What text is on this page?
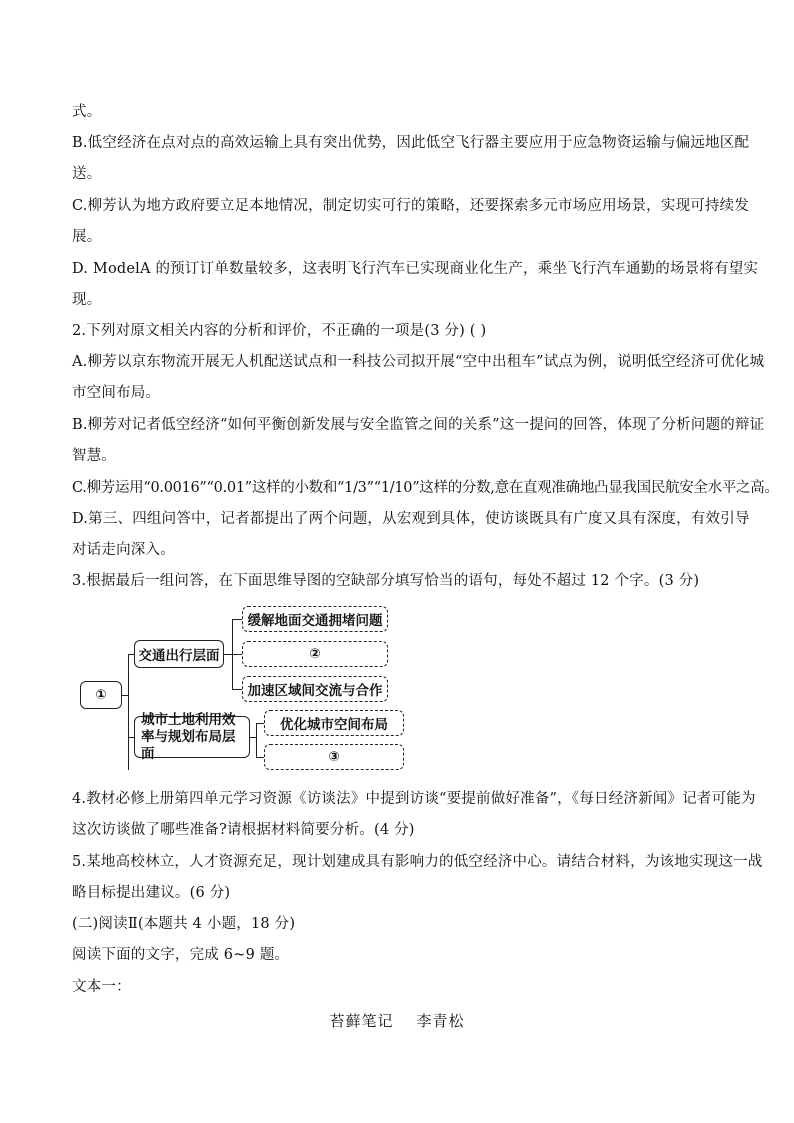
式。
B.低空经济在点对点的高效运输上具有突出优势，因此低空飞行器主要应用于应急物资运输与偏远地区配
送。
C.柳芳认为地方政府要立足本地情况，制定切实可行的策略，还要探索多元市场应用场景，实现可持续发
展。
D. ModelA 的预订订单数量较多，这表明飞行汽车已实现商业化生产，乘坐飞行汽车通勤的场景将有望实
现。
2.下列对原文相关内容的分析和评价，不正确的一项是(3 分) ( )
A.柳芳以京东物流开展无人机配送试点和一科技公司拟开展“空中出租车”试点为例，说明低空经济可优化城
市空间布局。
B.柳芳对记者低空经济“如何平衡创新发展与安全监管之间的关系”这一提问的回答，体现了分析问题的辩证
智慧。
C.柳芳运用“0.0016”“0.01”这样的小数和“1/3”“1/10”这样的分数,意在直观准确地凸显我国民航安全水平之高。
D.第三、四组问答中，记者都提出了两个问题，从宏观到具体，使访谈既具有广度又具有深度，有效引导
对话走向深入。
3.根据最后一组问答，在下面思维导图的空缺部分填写恰当的语句，每处不超过 12 个字。(3 分)
①
交通出行层面
缓解地面交通拥堵问题
②
加速区域间交流与合作
城市土地利用效率与规划布局层面
优化城市空间布局
③
4.教材必修上册第四单元学习资源《访谈法》中提到访谈“要提前做好准备”，《每日经济新闻》记者可能为
这次访谈做了哪些准备?请根据材料简要分析。(4 分)
5.某地高校林立，人才资源充足，现计划建成具有影响力的低空经济中心。请结合材料，为该地实现这一战
略目标提出建议。(6 分)
(二)阅读Ⅱ(本题共 4 小题，18 分)
阅读下面的文字，完成 6~9 题。
文本一：
苔藓笔记    李青松
